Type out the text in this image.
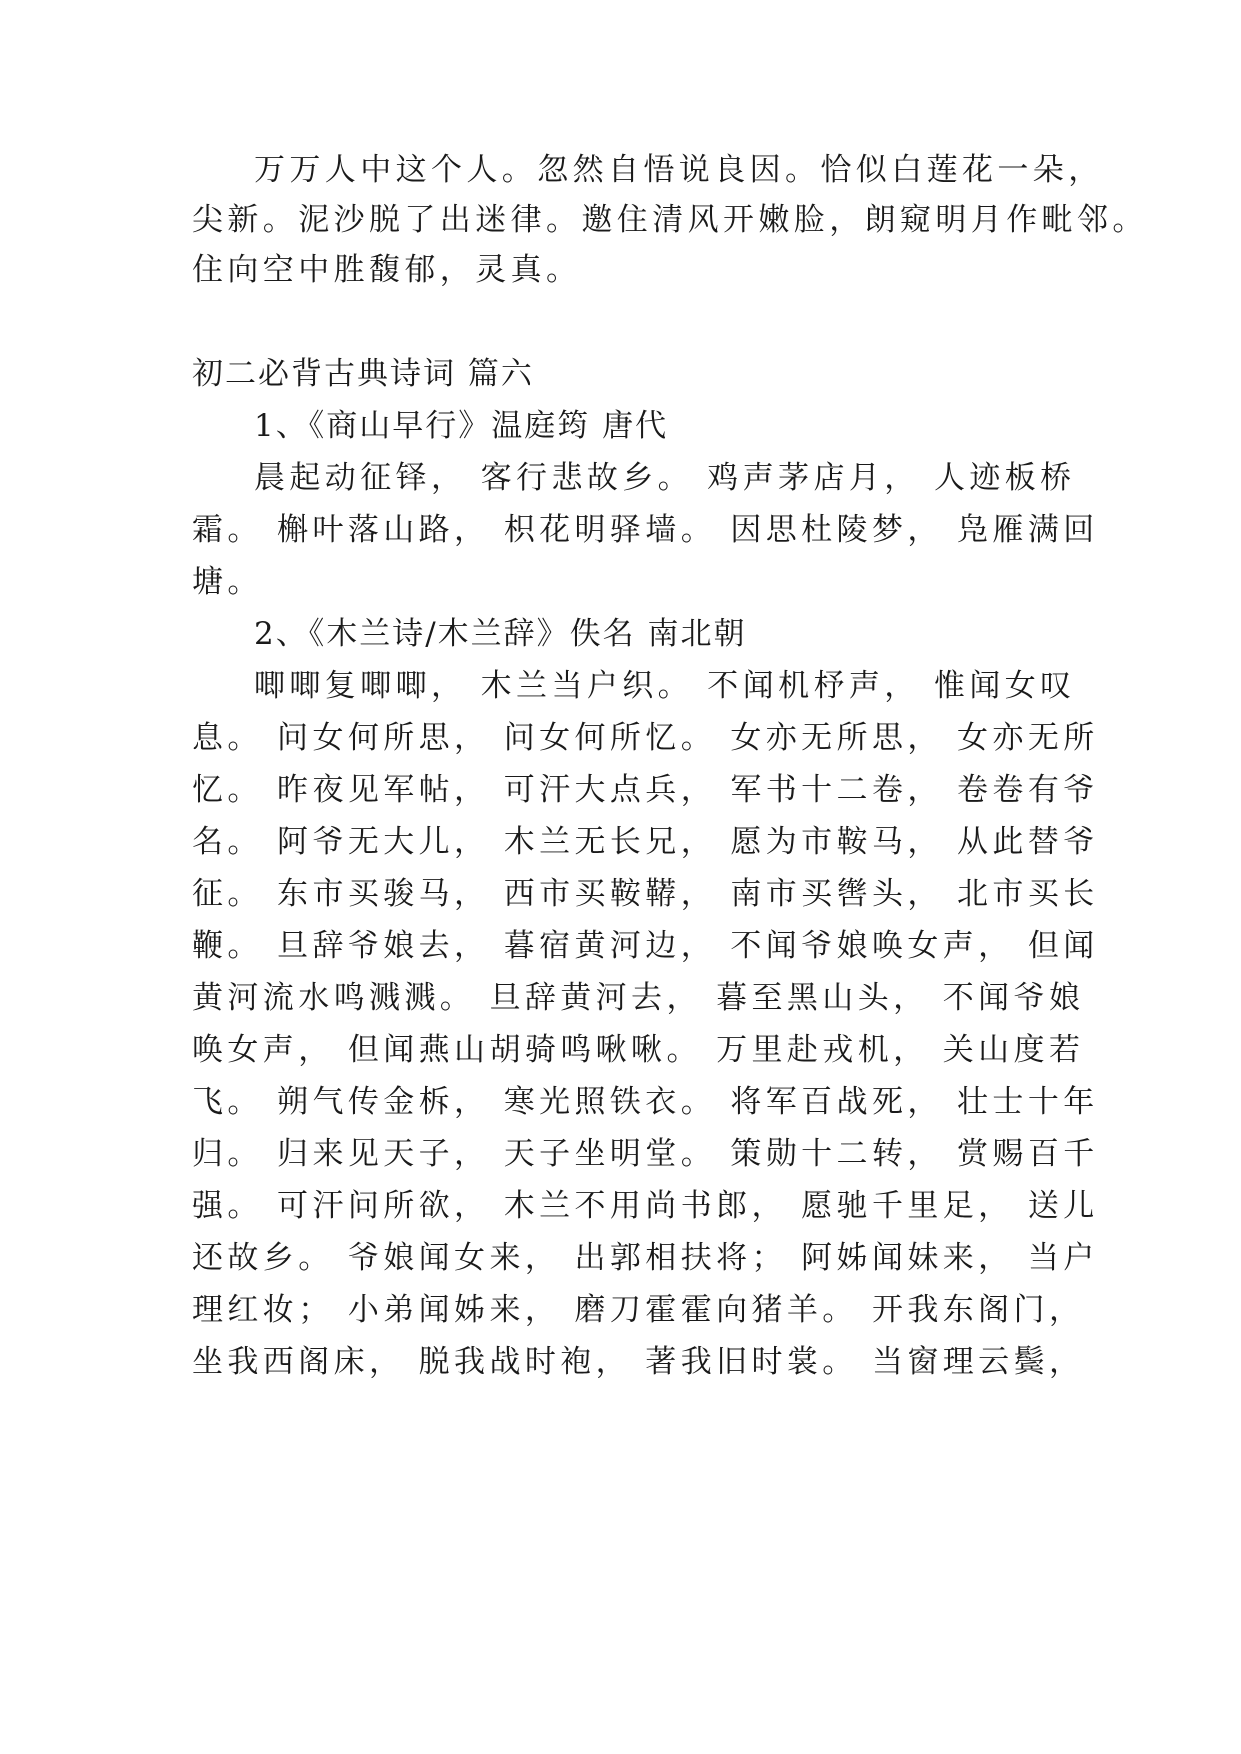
万万人中这个人。忽然自悟说良因。恰似白莲花一朵，
尖新。泥沙脱了出迷律。邀住清风开嫩脸，朗窥明月作毗邻。
住向空中胜馥郁，灵真。
初二必背古典诗词 篇六
1、《商山早行》温庭筠 唐代
晨起动征铎， 客行悲故乡。 鸡声茅店月， 人迹板桥
霜。 槲叶落山路， 枳花明驿墙。 因思杜陵梦， 凫雁满回
塘。
2、《木兰诗/木兰辞》佚名 南北朝
唧唧复唧唧， 木兰当户织。 不闻机杼声， 惟闻女叹
息。 问女何所思， 问女何所忆。 女亦无所思， 女亦无所
忆。 昨夜见军帖， 可汗大点兵， 军书十二卷， 卷卷有爷
名。 阿爷无大儿， 木兰无长兄， 愿为市鞍马， 从此替爷
征。 东市买骏马， 西市买鞍鞯， 南市买辔头， 北市买长
鞭。 旦辞爷娘去， 暮宿黄河边， 不闻爷娘唤女声， 但闻
黄河流水鸣溅溅。 旦辞黄河去， 暮至黑山头， 不闻爷娘
唤女声， 但闻燕山胡骑鸣啾啾。 万里赴戎机， 关山度若
飞。 朔气传金柝， 寒光照铁衣。 将军百战死， 壮士十年
归。 归来见天子， 天子坐明堂。 策勋十二转， 赏赐百千
强。 可汗问所欲， 木兰不用尚书郎， 愿驰千里足， 送儿
还故乡。 爷娘闻女来， 出郭相扶将； 阿姊闻妹来， 当户
理红妆； 小弟闻姊来， 磨刀霍霍向猪羊。 开我东阁门，
坐我西阁床， 脱我战时袍， 著我旧时裳。 当窗理云鬓，
